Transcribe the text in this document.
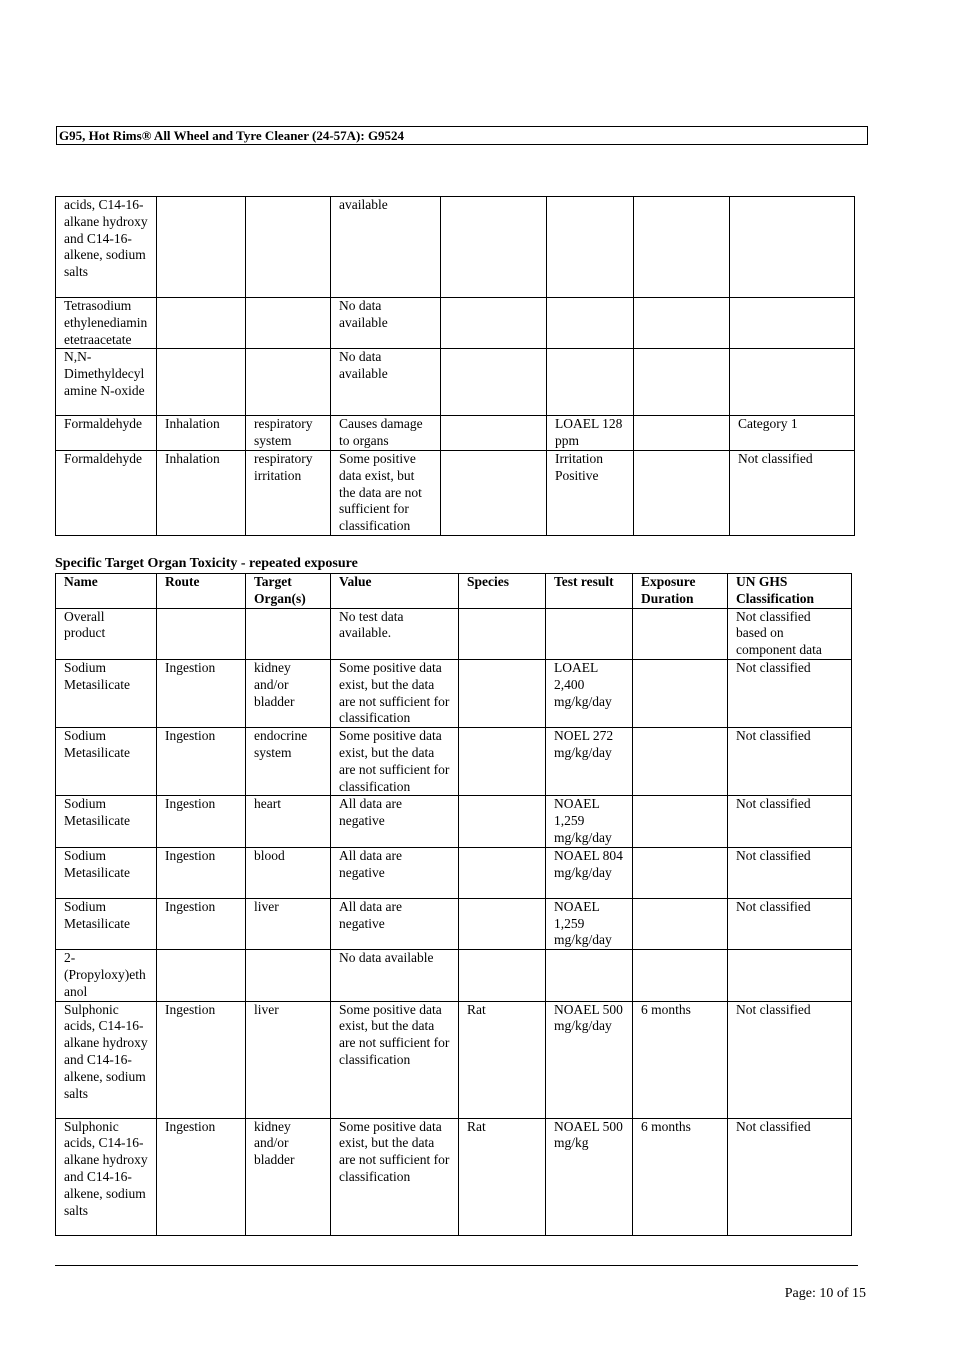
G95, Hot Rims® All Wheel and Tyre Cleaner (24-57A): G9524
acids, C14-16-alkane hydroxy and C14-16-alkene, sodium salts			available				
Tetrasodium ethylenediaminetetraacetate			No data available				
N,N-Dimethyldecylamine N-oxide			No data available				
Formaldehyde	Inhalation	respiratory system	Causes damage to organs		LOAEL 128 ppm		Category 1
Formaldehyde	Inhalation	respiratory irritation	Some positive data exist, but the data are not sufficient for classification		Irritation Positive		Not classified
Specific Target Organ Toxicity - repeated exposure
Name	Route	Target Organ(s)	Value	Species	Test result	Exposure Duration	UN GHS Classification
Overall product			No test data available.				Not classified based on component data
Sodium Metasilicate	Ingestion	kidney and/or bladder	Some positive data exist, but the data are not sufficient for classification		LOAEL 2,400 mg/kg/day		Not classified
Sodium Metasilicate	Ingestion	endocrine system	Some positive data exist, but the data are not sufficient for classification		NOEL 272 mg/kg/day		Not classified
Sodium Metasilicate	Ingestion	heart	All data are negative		NOAEL 1,259 mg/kg/day		Not classified
Sodium Metasilicate	Ingestion	blood	All data are negative		NOAEL 804 mg/kg/day		Not classified
Sodium Metasilicate	Ingestion	liver	All data are negative		NOAEL 1,259 mg/kg/day		Not classified
2-(Propyloxy)ethanol			No data available				
Sulphonic acids, C14-16-alkane hydroxy and C14-16-alkene, sodium salts	Ingestion	liver	Some positive data exist, but the data are not sufficient for classification	Rat	NOAEL 500 mg/kg/day	6 months	Not classified
Sulphonic acids, C14-16-alkane hydroxy and C14-16-alkene, sodium salts	Ingestion	kidney and/or bladder	Some positive data exist, but the data are not sufficient for classification	Rat	NOAEL 500 mg/kg	6 months	Not classified
Page: 10 of 15
